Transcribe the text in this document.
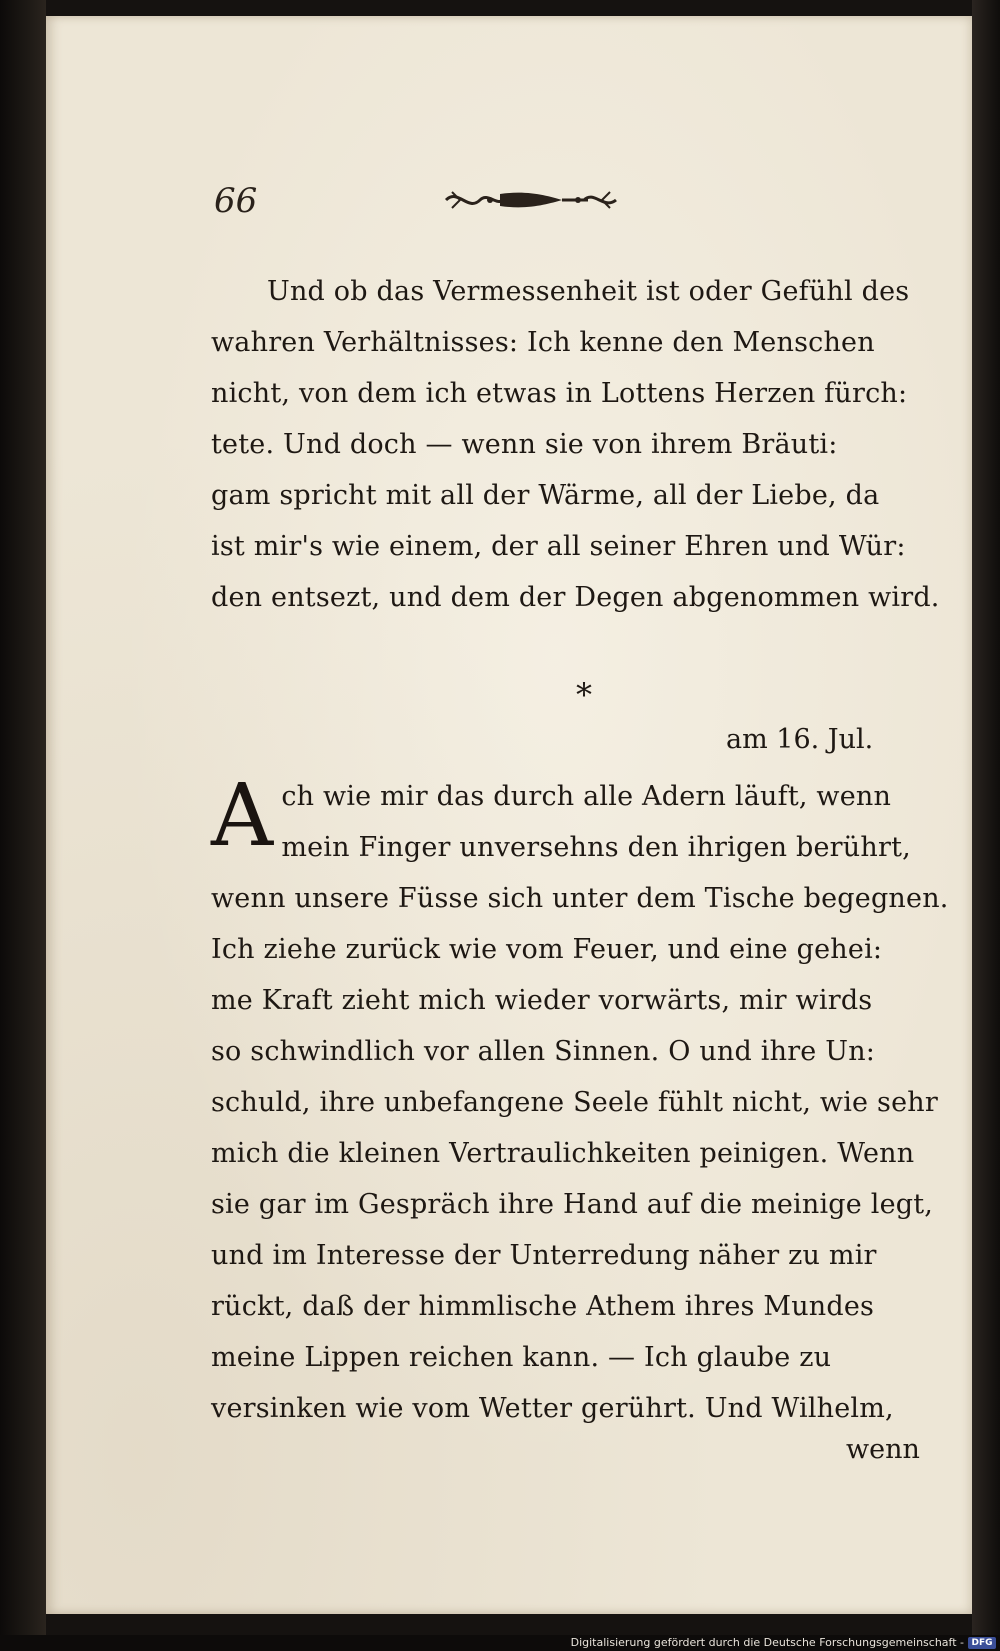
66
Und ob das Vermessenheit ist oder Gefühl des
wahren Verhältnisses: Ich kenne den Menschen
nicht, von dem ich etwas in Lottens Herzen fürch:
tete. Und doch — wenn sie von ihrem Bräuti:
gam spricht mit all der Wärme, all der Liebe, da
ist mir's wie einem, der all seiner Ehren und Wür:
den entsezt, und dem der Degen abgenommen wird.
*
am 16. Jul.
A ch wie mir das durch alle Adern läuft, wenn
mein Finger unversehns den ihrigen berührt,
wenn unsere Füsse sich unter dem Tische begegnen.
Ich ziehe zurück wie vom Feuer, und eine gehei:
me Kraft zieht mich wieder vorwärts, mir wirds
so schwindlich vor allen Sinnen. O und ihre Un:
schuld, ihre unbefangene Seele fühlt nicht, wie sehr
mich die kleinen Vertraulichkeiten peinigen. Wenn
sie gar im Gespräch ihre Hand auf die meinige legt,
und im Interesse der Unterredung näher zu mir
rückt, daß der himmlische Athem ihres Mundes
meine Lippen reichen kann. — Ich glaube zu
versinken wie vom Wetter gerührt. Und Wilhelm,
wenn
Digitalisierung gefördert durch die Deutsche Forschungsgemeinschaft - DFG
